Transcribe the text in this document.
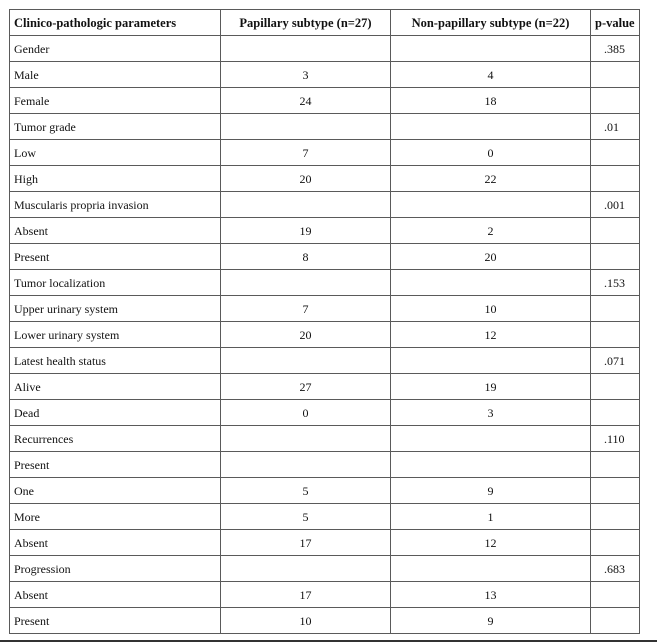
Clinico-pathologic parameters	Papillary subtype (n=27)	Non-papillary subtype (n=22)	p-value
Gender			.385
Male	3	4	
Female	24	18	
Tumor grade			.01
Low	7	0	
High	20	22	
Muscularis propria invasion			.001
Absent	19	2	
Present	8	20	
Tumor localization			.153
Upper urinary system	7	10	
Lower urinary system	20	12	
Latest health status			.071
Alive	27	19	
Dead	0	3	
Recurrences			.110
Present			
One	5	9	
More	5	1	
Absent	17	12	
Progression			.683
Absent	17	13	
Present	10	9	
